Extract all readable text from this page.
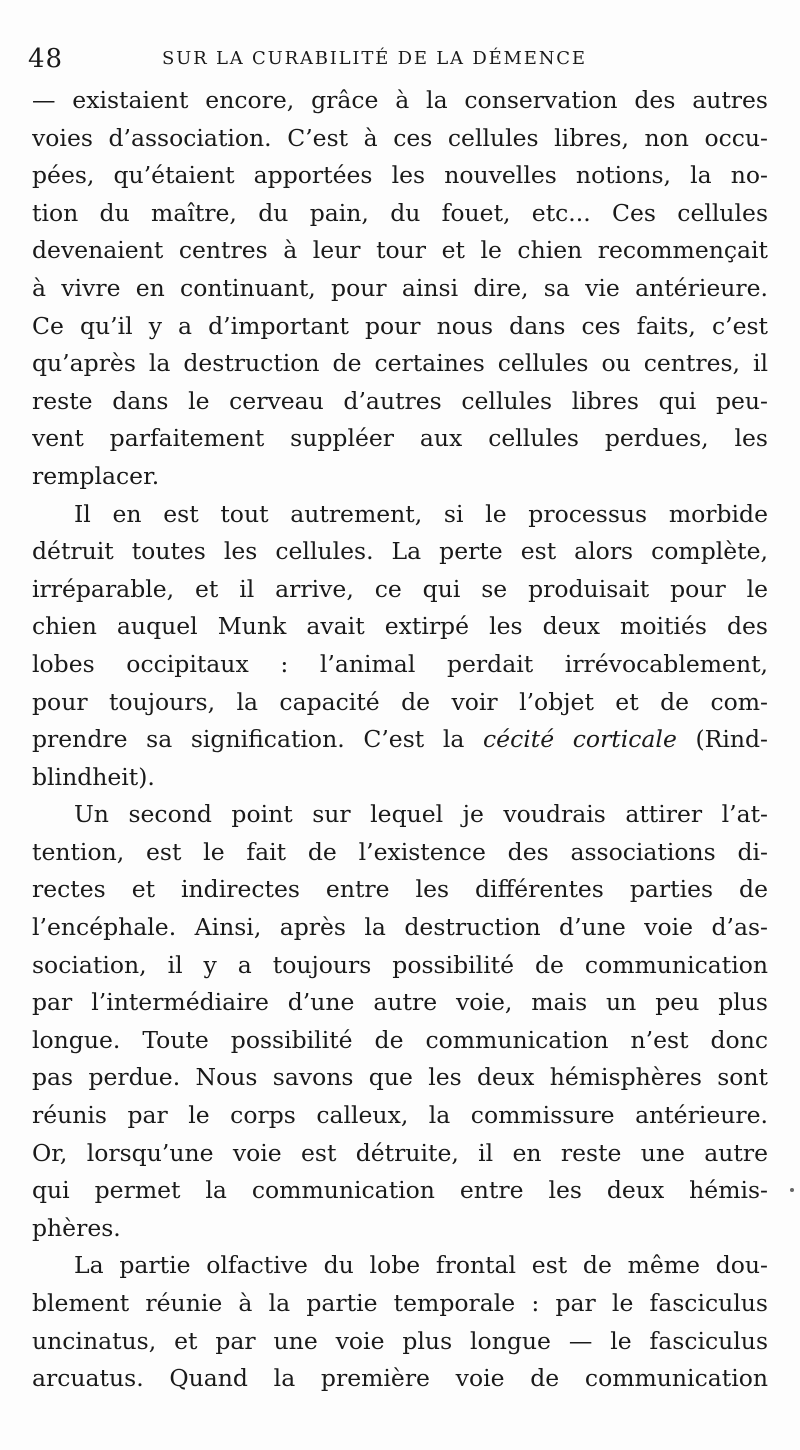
48	SUR LA CURABILITÉ DE LA DÉMENCE
— existaient encore, grâce à la conservation des autres
voies d’association. C’est à ces cellules libres, non occu-
pées, qu’étaient apportées les nouvelles notions, la no-
tion du maître, du pain, du fouet, etc... Ces cellules
devenaient centres à leur tour et le chien recommençait
à vivre en continuant, pour ainsi dire, sa vie antérieure.
Ce qu’il y a d’important pour nous dans ces faits, c’est
qu’après la destruction de certaines cellules ou centres, il
reste dans le cerveau d’autres cellules libres qui peu-
vent parfaitement suppléer aux cellules perdues, les
remplacer.
Il en est tout autrement, si le processus morbide
détruit toutes les cellules. La perte est alors complète,
irréparable, et il arrive, ce qui se produisait pour le
chien auquel Munk avait extirpé les deux moitiés des
lobes occipitaux : l’animal perdait irrévocablement,
pour toujours, la capacité de voir l’objet et de com-
prendre sa signification. C’est la cécité corticale (Rind-
blindheit).
Un second point sur lequel je voudrais attirer l’at-
tention, est le fait de l’existence des associations di-
rectes et indirectes entre les différentes parties de
l’encéphale. Ainsi, après la destruction d’une voie d’as-
sociation, il y a toujours possibilité de communication
par l’intermédiaire d’une autre voie, mais un peu plus
longue. Toute possibilité de communication n’est donc
pas perdue. Nous savons que les deux hémisphères sont
réunis par le corps calleux, la commissure antérieure.
Or, lorsqu’une voie est détruite, il en reste une autre
qui permet la communication entre les deux hémis-
phères.
La partie olfactive du lobe frontal est de même dou-
blement réunie à la partie temporale : par le fasciculus
uncinatus, et par une voie plus longue — le fasciculus
arcuatus. Quand la première voie de communication
